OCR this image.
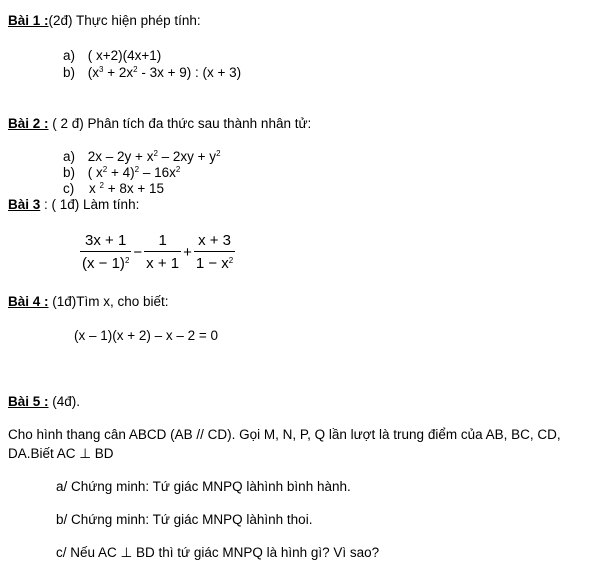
Bài 1 :(2đ) Thực hiện phép tính:
a) ( x+2)(4x+1)
b) $(x^3 + 2x^2 - 3x + 9)$ : (x + 3)
Bài 2 : ( 2 đ) Phân tích đa thức sau thành nhân tử:
a) $2x - 2y + x^2 - 2xy + y^2$
b) ( $x^2 + 4)^2 - 16x^2$
c) x $^2$ + 8x + 15
Bài 3 : ( 1đ) Làm tính:
$\frac{3x + 1}{(x - 1)^2} - \frac{1}{x + 1} + \frac{x + 3}{1 - x^2}$
Bài 4 : (1đ)Tìm x, cho biết:
(x – 1)(x + 2) – x – 2 = 0
Bài 5 : (4đ).
Cho hình thang cân ABCD (AB // CD). Gọi M, N, P, Q lần lượt là trung điểm của AB, BC, CD,
DA.Biết AC ⊥ BD
a/ Chứng minh: Tứ giác MNPQ làhình bình hành.
b/ Chứng minh: Tứ giác MNPQ làhình thoi.
c/ Nếu AC ⊥ BD thì tứ giác MNPQ là hình gì? Vì sao?
